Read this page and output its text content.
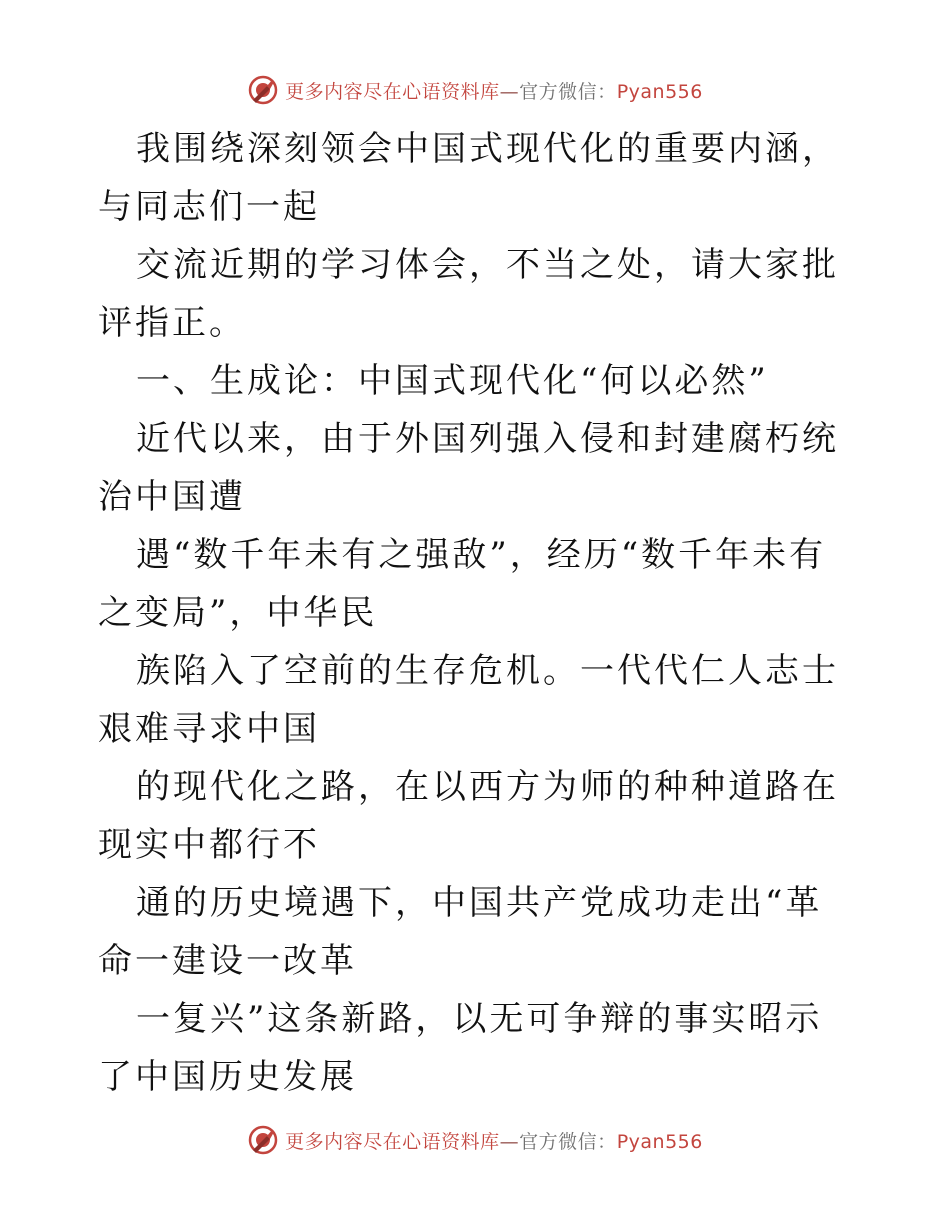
更多内容尽在心语资料库—官方微信：Pyan556

我围绕深刻领会中国式现代化的重要内涵，与同志们一起

交流近期的学习体会，不当之处，请大家批评指正。

一、生成论：中国式现代化“何以必然”

近代以来，由于外国列强入侵和封建腐朽统治中国遭

遇“数千年未有之强敌”，经历“数千年未有之变局”，中华民

族陷入了空前的生存危机。一代代仁人志士艰难寻求中国

的现代化之路，在以西方为师的种种道路在现实中都行不

通的历史境遇下，中国共产党成功走出“革命一建设一改革

一复兴”这条新路，以无可争辩的事实昭示了中国历史发展

更多内容尽在心语资料库—官方微信：Pyan556
